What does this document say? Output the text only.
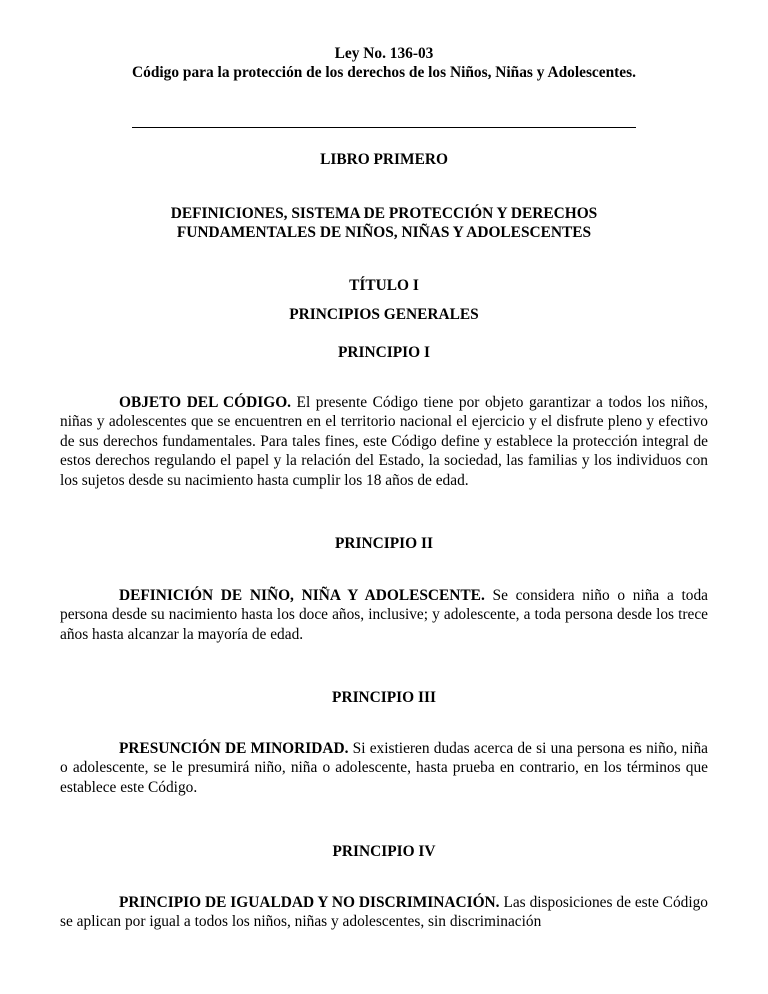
Ley No. 136-03

Código para la protección de los derechos de los Niños, Niñas y Adolescentes.

LIBRO PRIMERO

DEFINICIONES, SISTEMA DE PROTECCIÓN Y DERECHOS

FUNDAMENTALES DE NIÑOS, NIÑAS Y ADOLESCENTES

TÍTULO I

PRINCIPIOS GENERALES

PRINCIPIO I

OBJETO DEL CÓDIGO. El presente Código tiene por objeto garantizar a todos los niños, niñas y adolescentes que se encuentren en el territorio nacional el ejercicio y el disfrute pleno y efectivo de sus derechos fundamentales. Para tales fines, este Código define y establece la protección integral de estos derechos regulando el papel y la relación del Estado, la sociedad, las familias y los individuos con los sujetos desde su nacimiento hasta cumplir los 18 años de edad.

PRINCIPIO II

DEFINICIÓN DE NIÑO, NIÑA Y ADOLESCENTE. Se considera niño o niña a toda persona desde su nacimiento hasta los doce años, inclusive; y adolescente, a toda persona desde los trece años hasta alcanzar la mayoría de edad.

PRINCIPIO III

PRESUNCIÓN DE MINORIDAD. Si existieren dudas acerca de si una persona es niño, niña o adolescente, se le presumirá niño, niña o adolescente, hasta prueba en contrario, en los términos que establece este Código.

PRINCIPIO IV

PRINCIPIO DE IGUALDAD Y NO DISCRIMINACIÓN. Las disposiciones de este Código se aplican por igual a todos los niños, niñas y adolescentes, sin discriminación
